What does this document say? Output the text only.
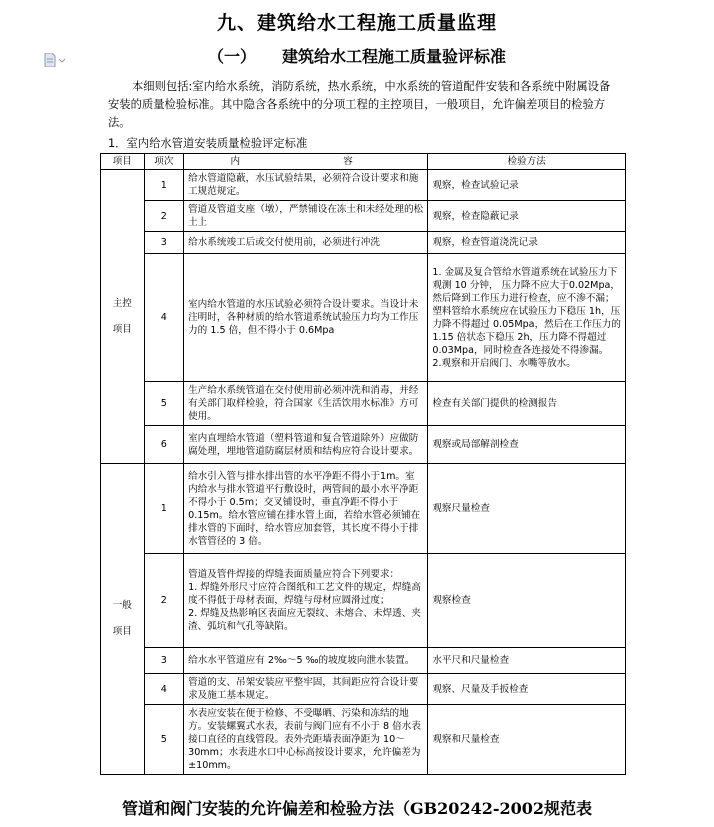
九、建筑给水工程施工质量监理
（一） 建筑给水工程施工质量验评标准
本细则包括:室内给水系统，消防系统，热水系统，中水系统的管道配件安装和各系统中附属设备安装的质量检验标准。其中隐含各系统中的分项工程的主控项目，一般项目，允许偏差项目的检验方法。
1．室内给水管道安装质量检验评定标准
项目	项次	内　　容	检验方法

主控
项目	1	给水管道隐蔽，水压试验结果，必须符合设计要求和施工规范规定。	观察，检查试验记录
	2	管道及管道支座（墩），严禁铺设在冻土和未经处理的松土上	观察，检查隐蔽记录
	3	给水系统竣工后或交付使用前，必须进行冲洗	观察，检查管道浇洗记录
	4	室内给水管道的水压试验必须符合设计要求。当设计未注明时，各种材质的给水管道系统试验压力均为工作压力的 1.5 倍，但不得小于 0.6Mpa	1. 金属及复合管给水管道系统在试验压力下观测 10 分钟， 压力降不应大于0.02Mpa，然后降到工作压力进行检查，应不渗不漏；塑料管给水系统应在试验压力下稳压 1h，压力降不得超过 0.05Mpa，然后在工作压力的 1.15 倍状态下稳压 2h，压力降不得超过 0.03Mpa，同时检查各连接处不得渗漏。
2.观察和开启阀门、水嘴等放水。
	5	生产给水系统管道在交付使用前必须冲洗和消毒，并经有关部门取样检验，符合国家《生活饮用水标准》方可使用。	检查有关部门提供的检测报告
	6	室内直埋给水管道（塑料管道和复合管道除外）应做防腐处理，埋地管道防腐层材质和结构应符合设计要求。	观察或局部解剖检查

一般
项目	1	给水引入管与排水排出管的水平净距不得小于1m。室内给水与排水管道平行敷设时，两管间的最小水平净距不得小于 0.5m；交叉铺设时，垂直净距不得小于 0.15m。给水管应铺在排水管上面，若给水管必须铺在排水管的下面时，给水管应加套管，其长度不得小于排水管管径的 3 倍。	观察尺量检查
	2	管道及管件焊接的焊缝表面质量应符合下列要求：
1. 焊缝外形尺寸应符合图纸和工艺文件的规定，焊缝高度不得低于母材表面，焊缝与母材应圆滑过度；
2. 焊缝及热影响区表面应无裂纹、未熔合、未焊透、夹渣、弧坑和气孔等缺陷。	观察检查
	3	给水水平管道应有 2‰～5 ‰的坡度坡向泄水装置。	水平尺和尺量检查
	4	管道的支、吊架安装应平整牢固，其间距应符合设计要求及施工基本规定。	观察、尺量及手扳检查
	5	水表应安装在便于检修、不受曝晒、污染和冻结的地方。安装螺翼式水表，表前与阀门应有不小于 8 倍水表接口直径的直线管段。表外壳距墙表面净距为 10～30mm；水表进水口中心标高按设计要求，允许偏差为±10mm。	观察和尺量检查
管道和阀门安装的允许偏差和检验方法（GB20242-2002规范表
